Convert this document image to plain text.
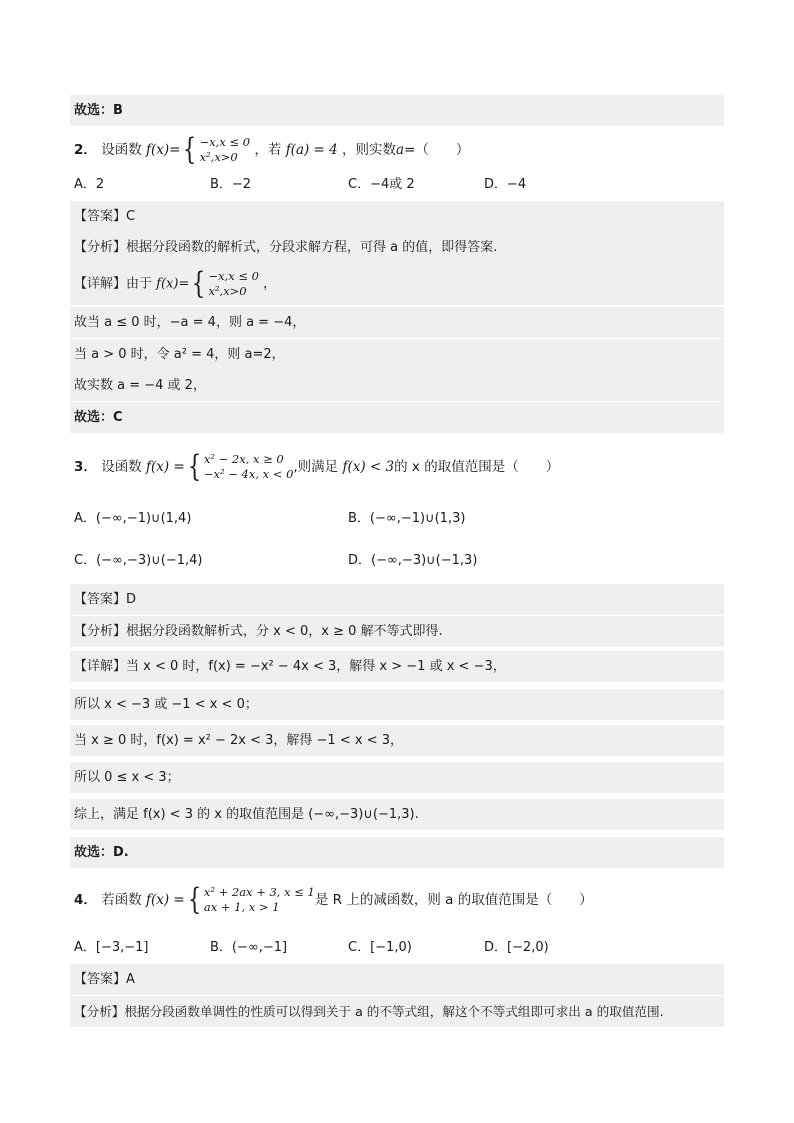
故选：B
2． 设函数 f(x)={ −x,x ≤ 0
x²,x>0 ，若 f(a) = 4 ，则实数a=（　　）
A．2	B．−2	C．−4或 2	D．−4
【答案】C
【分析】根据分段函数的解析式，分段求解方程，可得 a 的值，即得答案.
【详解】由于 f(x)={ −x,x ≤ 0
x²,x>0 ，
故当 a ≤ 0 时，−a = 4，则 a = −4，
当 a > 0 时，令 a² = 4，则 a=2，
故实数 a = −4 或 2，
故选：C
3． 设函数 f(x) ={ x² − 2x, x ≥ 0
−x² − 4x, x < 0,则满足 f(x) < 3的 x 的取值范围是（　　）
A．(−∞,−1)∪(1,4)	B．(−∞,−1)∪(1,3)
C．(−∞,−3)∪(−1,4)	D．(−∞,−3)∪(−1,3)
【答案】D
【分析】根据分段函数解析式，分 x < 0，x ≥ 0 解不等式即得.
【详解】当 x < 0 时，f(x) = −x² − 4x < 3，解得 x > −1 或 x < −3，
所以 x < −3 或 −1 < x < 0；
当 x ≥ 0 时，f(x) = x² − 2x < 3，解得 −1 < x < 3，
所以 0 ≤ x < 3；
综上，满足 f(x) < 3 的 x 的取值范围是 (−∞,−3)∪(−1,3).
故选：D.
4． 若函数 f(x) ={ x² + 2ax + 3, x ≤ 1
ax + 1, x > 1	是 R 上的减函数，则 a 的取值范围是（　　）
A．[−3,−1]	B．(−∞,−1]	C．[−1,0)	D．[−2,0)
【答案】A
【分析】根据分段函数单调性的性质可以得到关于 a 的不等式组，解这个不等式组即可求出 a 的取值范围.
